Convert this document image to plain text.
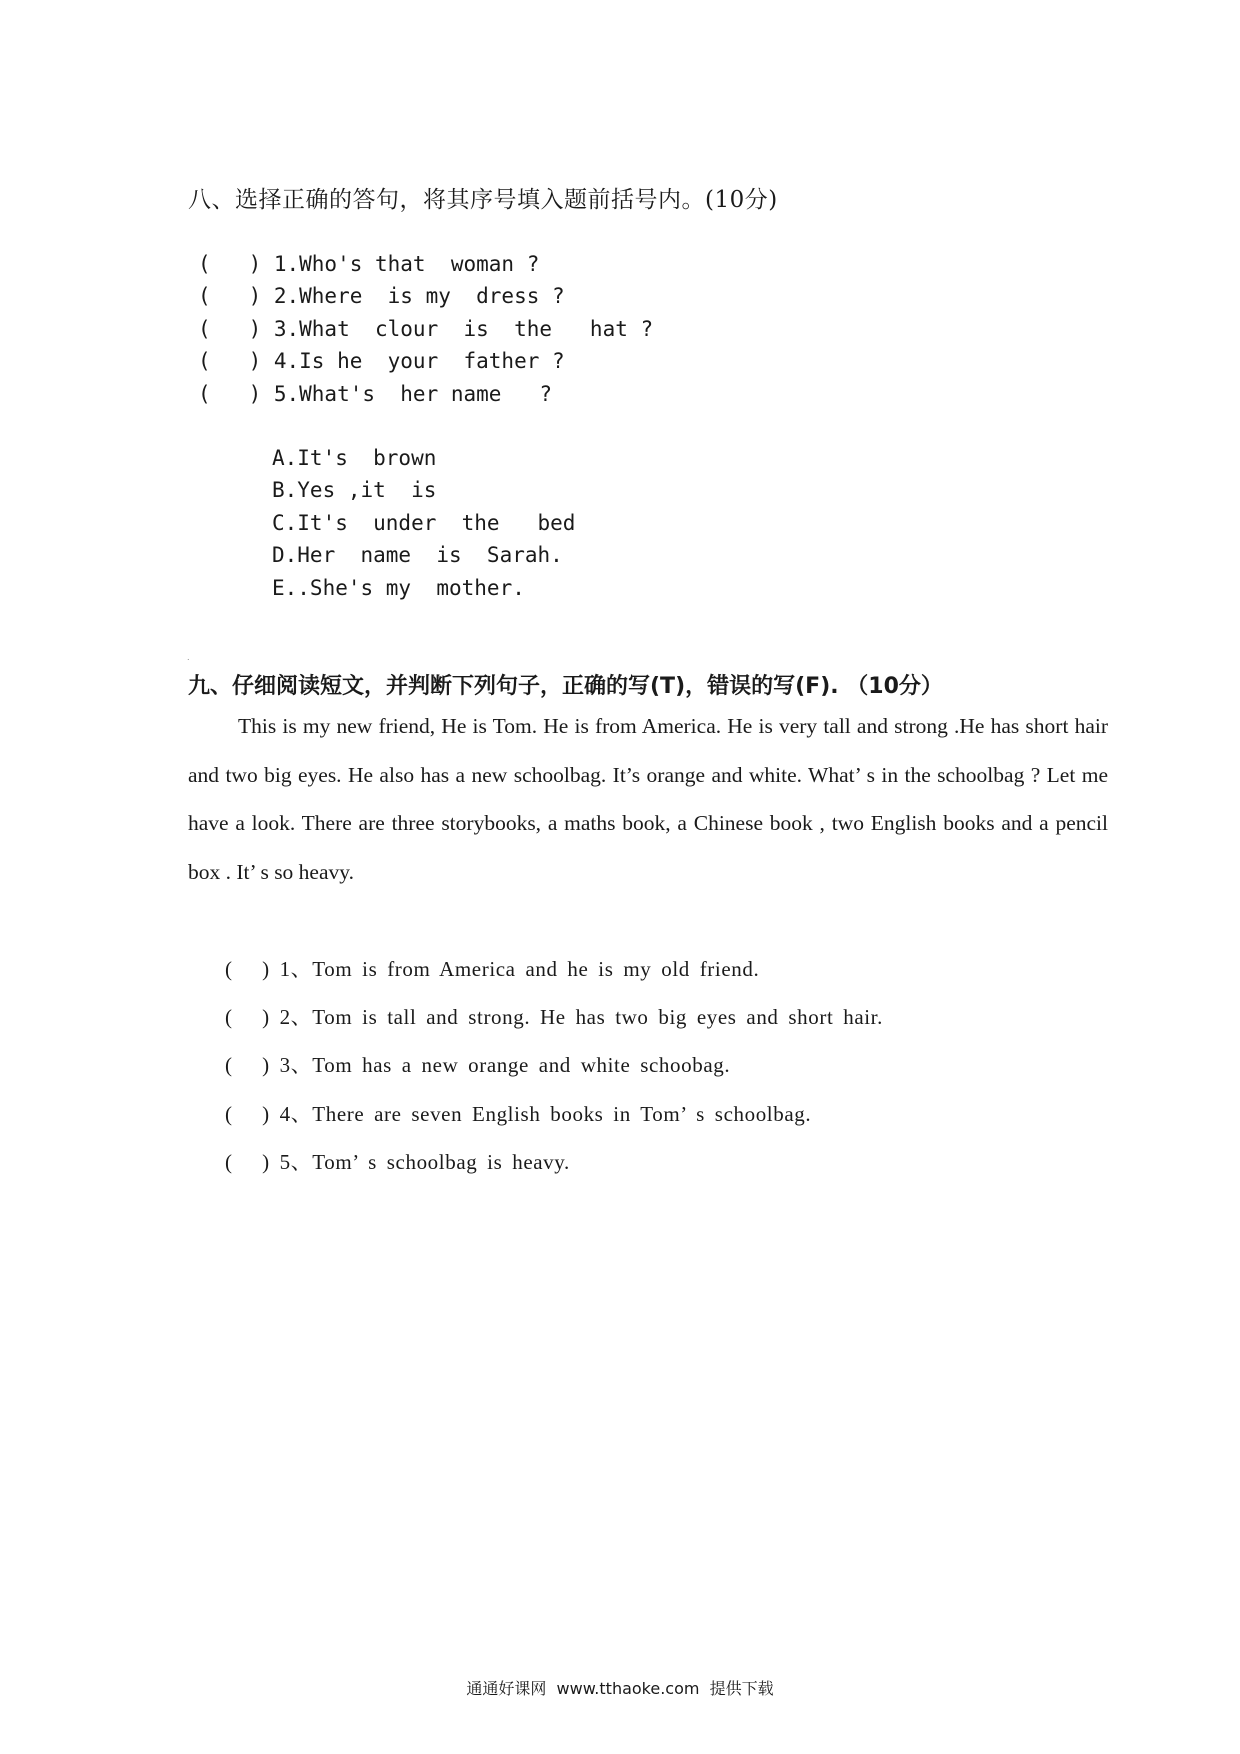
八、选择正确的答句，将其序号填入题前括号内。(10分)
(   ) 1.Who's that  woman ?
(   ) 2.Where  is my  dress ?
(   ) 3.What  clour  is  the   hat ?
(   ) 4.Is he  your  father ?
(   ) 5.What's  her name   ?
A.It's  brown
B.Yes ,it  is
C.It's  under  the   bed
D.Her  name  is  Sarah.
E..She's my  mother.
.
九、仔细阅读短文，并判断下列句子，正确的写(T)，错误的写(F). （10分）
This is my new friend, He is Tom. He is from America. He is very tall and strong .He has short hair and two big eyes. He also has a new schoolbag. It’s orange and white. What’ s in the schoolbag ? Let me have a look. There are three storybooks, a maths book, a Chinese book , two English books and a pencil box . It’ s so heavy.
(   ) 1、Tom is from America and he is my old friend.
(   ) 2、Tom is tall and strong. He has two big eyes and short hair.
(   ) 3、Tom has a new orange and white schoobag.
(   ) 4、There are seven English books in Tom’ s schoolbag.
(   ) 5、Tom’ s schoolbag is heavy.
通通好课网  www.tthaoke.com  提供下载
